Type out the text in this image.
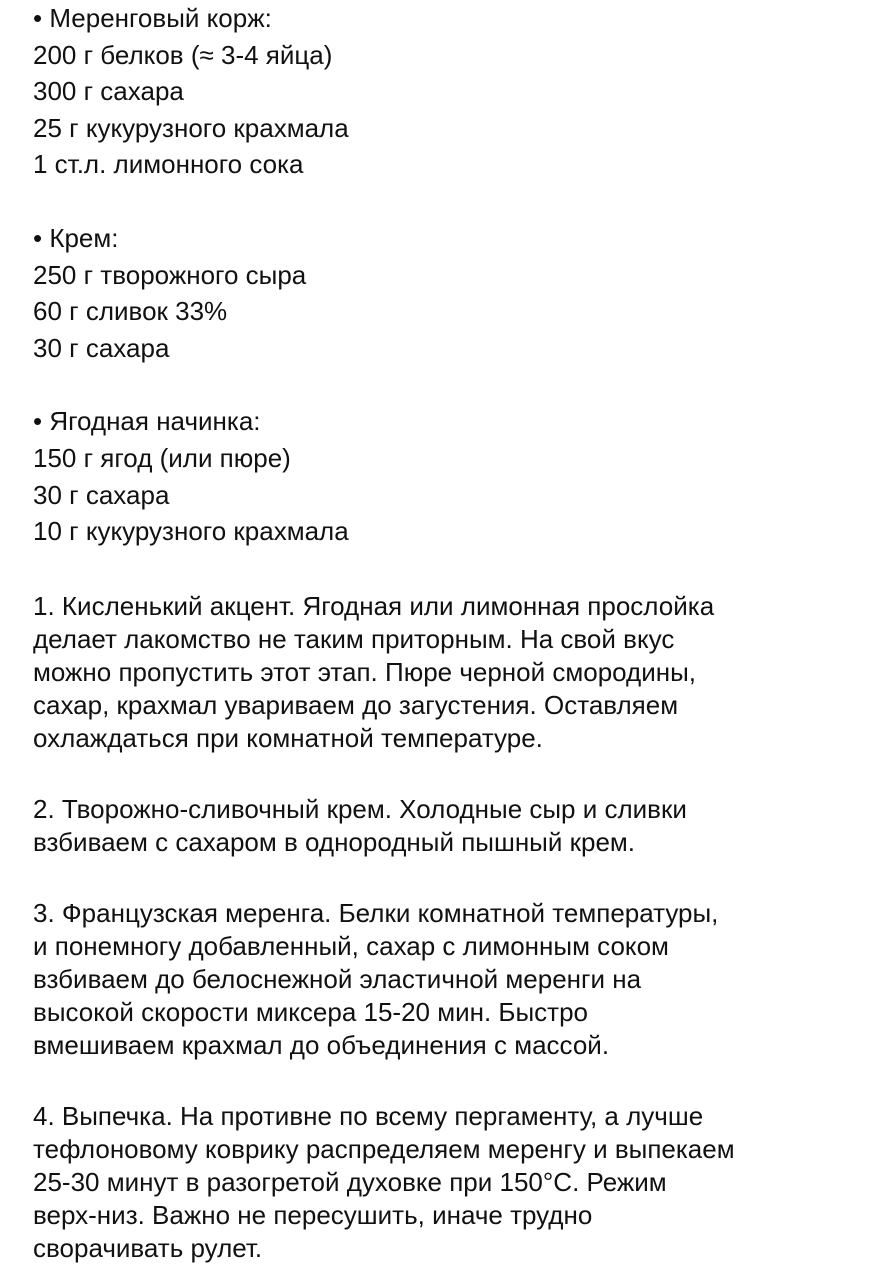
• Меренговый корж:
200 г белков (≈ 3-4 яйца)
300 г сахара
25 г кукурузного крахмала
1 ст.л. лимонного сока
• Крем:
250 г творожного сыра
60 г сливок 33%
30 г сахара
• Ягодная начинка:
150 г ягод (или пюре)
30 г сахара
10 г кукурузного крахмала
1. Кисленький акцент. Ягодная или лимонная прослойка
делает лакомство не таким приторным. На свой вкус
можно пропустить этот этап. Пюре черной смородины,
сахар, крахмал увариваем до загустения. Оставляем
охлаждаться при комнатной температуре.
2. Творожно-сливочный крем. Холодные сыр и сливки
взбиваем с сахаром в однородный пышный крем.
3. Французская меренга. Белки комнатной температуры,
и понемногу добавленный, сахар с лимонным соком
взбиваем до белоснежной эластичной меренги на
высокой скорости миксера 15-20 мин. Быстро
вмешиваем крахмал до объединения с массой.
4. Выпечка. На противне по всему пергаменту, а лучше
тефлоновому коврику распределяем меренгу и выпекаем
25-30 минут в разогретой духовке при 150°C. Режим
верх-низ. Важно не пересушить, иначе трудно
сворачивать рулет.
